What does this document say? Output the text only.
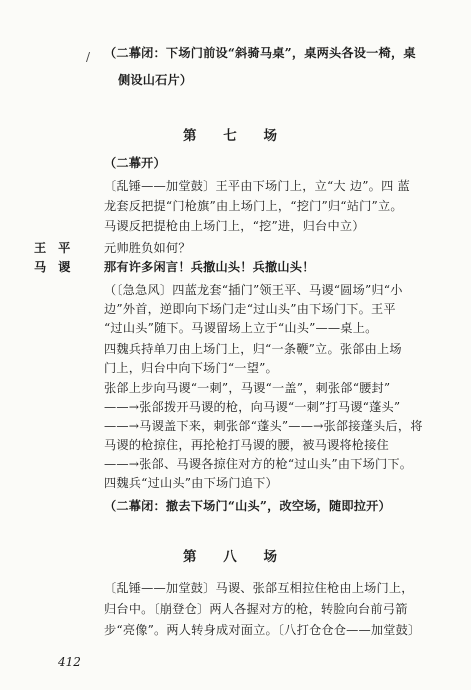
/ （二幕闭：下场门前设“斜骑马桌”，桌两头各设一椅，桌
侧设山石片）
第 七 场
（二幕开）
〔乱锤——加堂鼓〕王平由下场门上，立“大 边”。四 蓝
龙套反把提“门枪旗”由上场门上，“挖门”归“站门”立。
马谡反把提枪由上场门上，“挖”进，归台中立）
王平 元帅胜负如何？
马谡 那有许多闲言！兵撤山头！兵撤山头！
（〔急急风〕四蓝龙套“插门”领王平、马谡“圆场”归“小
边”外首，逆即向下场门走“过山头”由下场门下。王平
“过山头”随下。马谡留场上立于“山头”——桌上。
四魏兵持单刀由上场门上，归“一条鞭”立。张郃由上场
门上，归台中向下场门“一望”。
张郃上步向马谡“一刺”，马谡“一盖”，刺张郃“腰封”
——→张郃拨开马谡的枪，向马谡“一刺”打马谡“蓬头”
——→马谡盖下来，刺张郃“蓬头”——→张郃接蓬头后，将
马谡的枪掠住，再抡枪打马谡的腰，被马谡将枪接住
——→张郃、马谡各掠住对方的枪“过山头”由下场门下。
四魏兵“过山头”由下场门追下）
（二幕闭：撤去下场门“山头”，改空场，随即拉开）
第 八 场
〔乱锤——加堂鼓〕马谡、张郃互相拉住枪由上场门上，
归台中。〔崩登仓〕两人各握对方的枪，转脸向台前弓箭
步“亮像”。两人转身成对面立。〔八打仓仓仓——加堂鼓〕
412
